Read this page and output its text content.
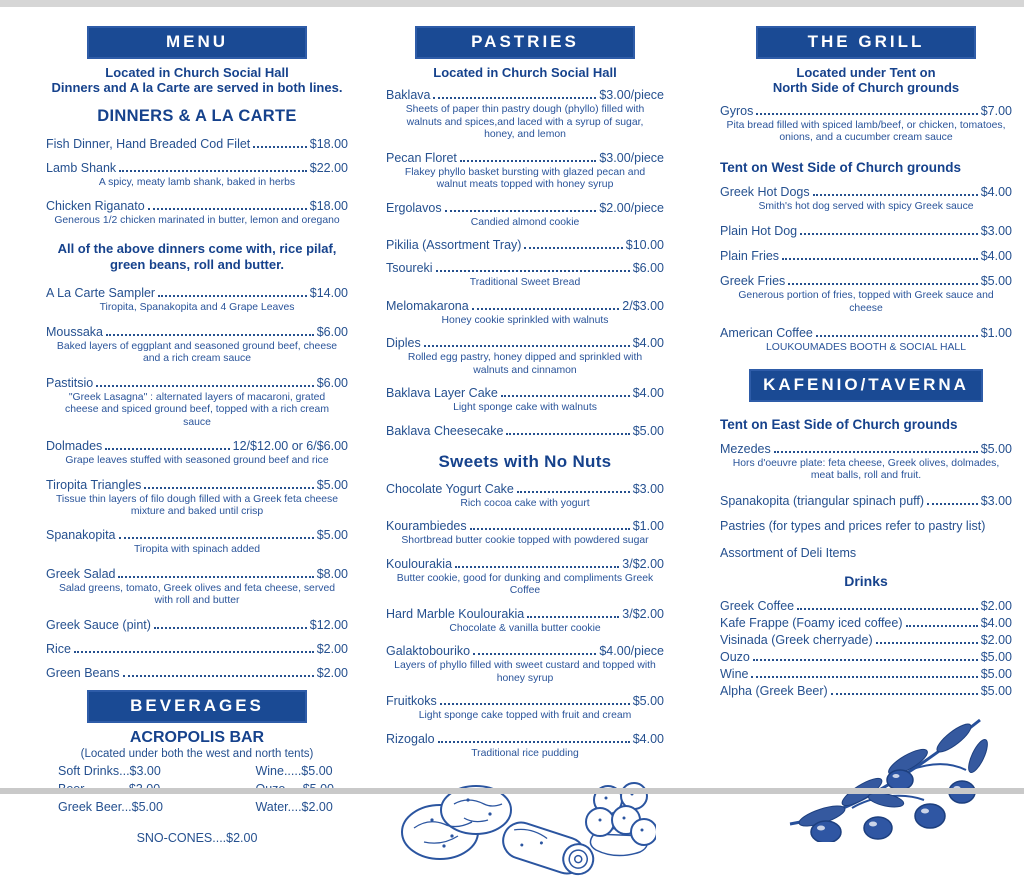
MENU
Located in Church Social Hall
Dinners and A la Carte are served in both lines.
DINNERS & A LA CARTE
Fish Dinner, Hand Breaded Cod Filet	$18.00
Lamb Shank	$22.00
A spicy, meaty lamb shank, baked in herbs
Chicken Riganato	$18.00
Generous 1/2 chicken marinated in butter, lemon and oregano
All of the above dinners come with, rice pilaf, green beans, roll and butter.
A La Carte Sampler	$14.00
Tiropita, Spanakopita and 4 Grape Leaves
Moussaka	$6.00
Baked layers of eggplant and seasoned ground beef, cheese and a rich cream sauce
Pastitsio	$6.00
"Greek Lasagna" : alternated layers of macaroni, grated cheese and spiced ground beef, topped with a rich cream sauce
Dolmades	12/$12.00 or 6/$6.00
Grape leaves stuffed with seasoned ground beef and rice
Tiropita Triangles	$5.00
Tissue thin layers of filo dough filled with a Greek feta cheese mixture and baked until crisp
Spanakopita	$5.00
Tiropita with spinach added
Greek Salad	$8.00
Salad greens, tomato, Greek olives and feta cheese, served with roll and butter
Greek Sauce (pint)	$12.00
Rice	$2.00
Green Beans	$2.00
BEVERAGES
ACROPOLIS BAR
(Located under both the west and north tents)
Soft Drinks...$3.00
Greek Beer...$5.00
Wine.....$5.00
Water....$2.00
SNO-CONES....$2.00
PASTRIES
Located in Church Social Hall
Baklava	$3.00/piece
Sheets of paper thin pastry dough (phyllo) filled with walnuts and spices,and laced with a syrup of sugar, honey, and lemon
Pecan Floret	$3.00/piece
Flakey phyllo basket bursting with glazed pecan and walnut meats topped with honey syrup
Ergolavos	$2.00/piece
Candied almond cookie
Pikilia (Assortment Tray)	$10.00
Tsoureki	$6.00
Traditional Sweet Bread
Melomakarona	2/$3.00
Honey cookie sprinkled with walnuts
Diples	$4.00
Rolled egg pastry, honey dipped and sprinkled with walnuts and cinnamon
Baklava Layer Cake	$4.00
Light sponge cake with walnuts
Baklava Cheesecake	$5.00
Sweets with No Nuts
Chocolate Yogurt Cake	$3.00
Rich cocoa cake with yogurt
Kourambiedes	$1.00
Shortbread butter cookie topped with powdered sugar
Koulourakia	3/$2.00
Butter cookie, good for dunking and compliments Greek Coffee
Hard Marble Koulourakia	3/$2.00
Chocolate & vanilla butter cookie
Galaktobouriko	$4.00/piece
Layers of phyllo filled with sweet custard and topped with honey syrup
Fruitkoks	$5.00
Light sponge cake topped with fruit and cream
Rizogalo	$4.00
Traditional rice pudding
THE GRILL
Located under Tent on
North Side of Church grounds
Gyros	$7.00
Pita bread filled with spiced lamb/beef, or chicken, tomatoes, onions, and a cucumber cream sauce
Tent on West Side of Church grounds
Greek Hot Dogs	$4.00
Smith's hot dog served with spicy Greek sauce
Plain Hot Dog	$3.00
Plain Fries	$4.00
Greek Fries	$5.00
Generous portion of fries, topped with Greek sauce and cheese
American Coffee	$1.00
LOUKOUMADES BOOTH & SOCIAL HALL
KAFENIO/TAVERNA
Tent on East Side of Church grounds
Mezedes	$5.00
Hors d'oeuvre plate: feta cheese, Greek olives, dolmades, meat balls, roll and fruit.
Spanakopita (triangular spinach puff)	$3.00
Pastries (for types and prices refer to pastry list)
Assortment of Deli Items
Drinks
Greek Coffee	$2.00
Kafe Frappe (Foamy iced coffee)	$4.00
Visinada (Greek cherryade)	$2.00
Ouzo	$5.00
Wine	$5.00
Alpha (Greek Beer)	$5.00
